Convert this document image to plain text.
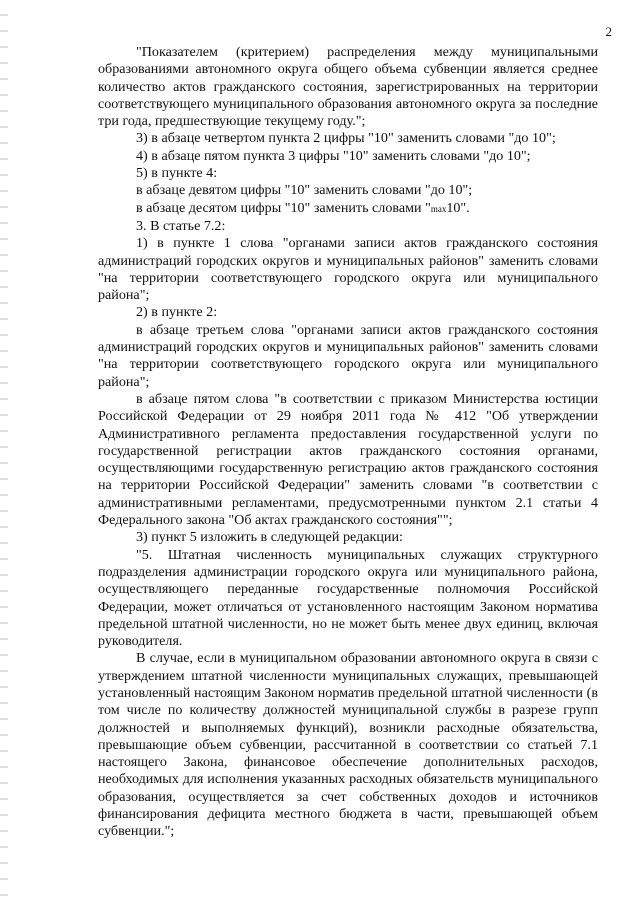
2

"Показателем (критерием) распределения между муниципальными образованиями автономного округа общего объема субвенции является среднее количество актов гражданского состояния, зарегистрированных на территории соответствующего муниципального образования автономного округа за последние три года, предшествующие текущему году.";

3) в абзаце четвертом пункта 2 цифры "10" заменить словами "до 10";

4) в абзаце пятом пункта 3 цифры "10" заменить словами "до 10";

5) в пункте 4:

в абзаце девятом цифры "10" заменить словами "до 10";

в абзаце десятом цифры "10" заменить словами "max10".

3. В статье 7.2:

1) в пункте 1 слова "органами записи актов гражданского состояния администраций городских округов и муниципальных районов" заменить словами "на территории соответствующего городского округа или муниципального района";

2) в пункте 2:

в абзаце третьем слова "органами записи актов гражданского состояния администраций городских округов и муниципальных районов" заменить словами "на территории соответствующего городского округа или муниципального района";

в абзаце пятом слова "в соответствии с приказом Министерства юстиции Российской Федерации от 29 ноября 2011 года № 412 "Об утверждении Административного регламента предоставления государственной услуги по государственной регистрации актов гражданского состояния органами, осуществляющими государственную регистрацию актов гражданского состояния на территории Российской Федерации" заменить словами "в соответствии с административными регламентами, предусмотренными пунктом 2.1 статьи 4 Федерального закона "Об актах гражданского состояния"";

3) пункт 5 изложить в следующей редакции:

"5. Штатная численность муниципальных служащих структурного подразделения администрации городского округа или муниципального района, осуществляющего переданные государственные полномочия Российской Федерации, может отличаться от установленного настоящим Законом норматива предельной штатной численности, но не может быть менее двух единиц, включая руководителя.

В случае, если в муниципальном образовании автономного округа в связи с утверждением штатной численности муниципальных служащих, превышающей установленный настоящим Законом норматив предельной штатной численности (в том числе по количеству должностей муниципальной службы в разрезе групп должностей и выполняемых функций), возникли расходные обязательства, превышающие объем субвенции, рассчитанной в соответствии со статьей 7.1 настоящего Закона, финансовое обеспечение дополнительных расходов, необходимых для исполнения указанных расходных обязательств муниципального образования, осуществляется за счет собственных доходов и источников финансирования дефицита местного бюджета в части, превышающей объем субвенции.";
